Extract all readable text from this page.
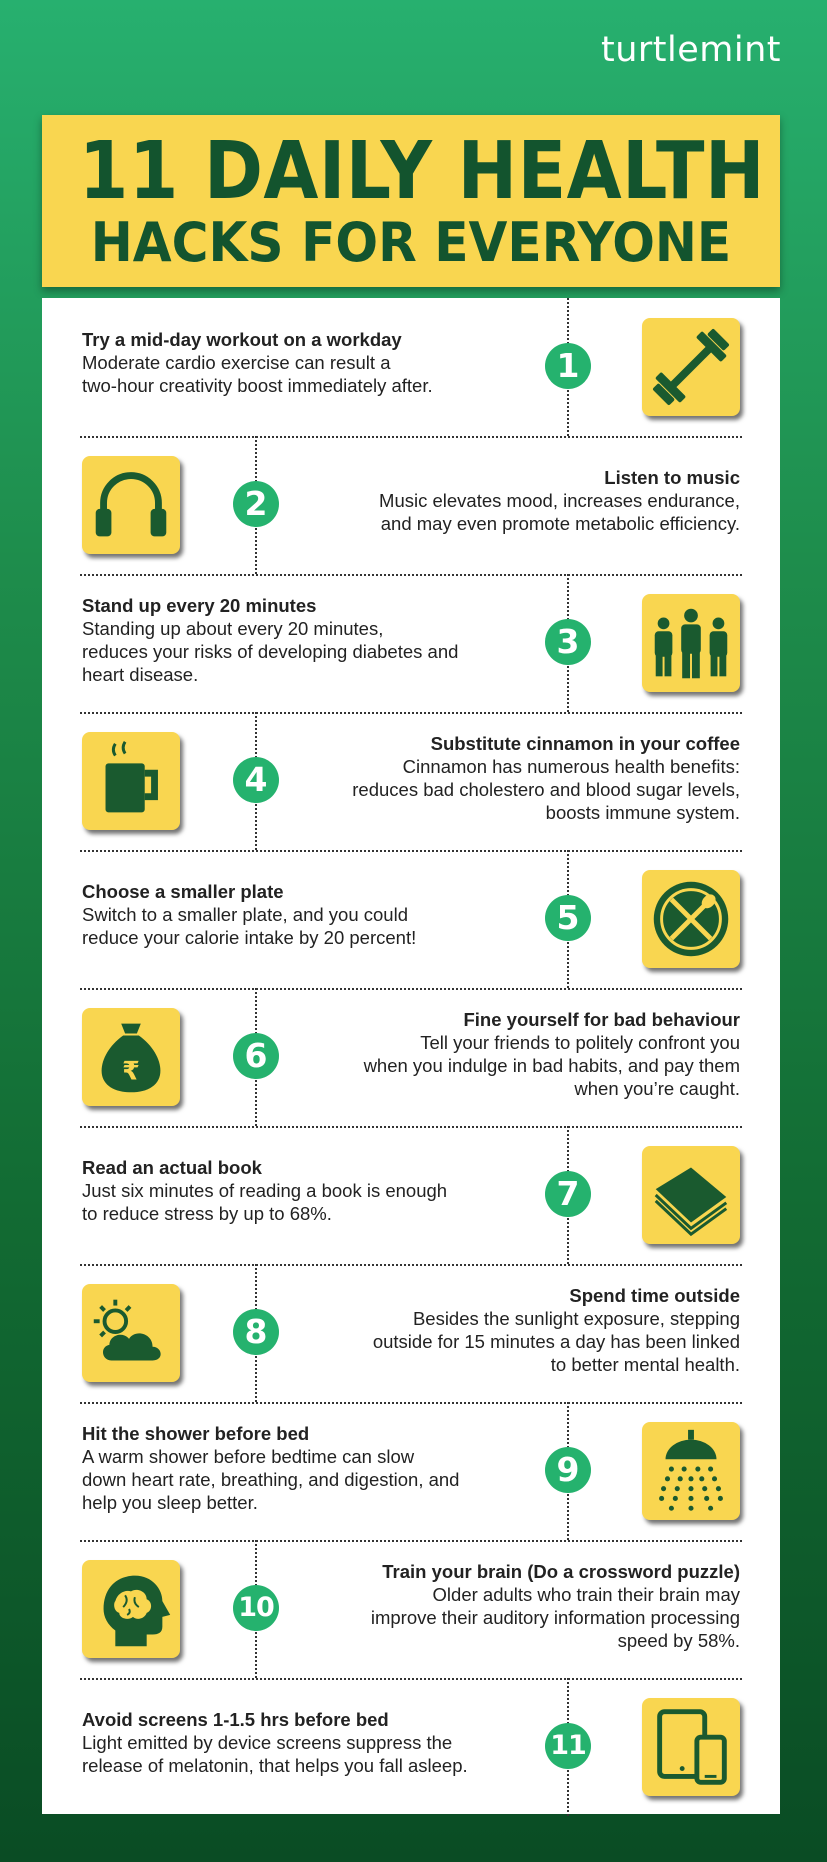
turtlemint
11 DAILY HEALTH
HACKS FOR EVERYONE
Try a mid-day workout on a workday
Moderate cardio exercise can result a
two-hour creativity boost immediately after.
1
2
Listen to music
Music elevates mood, increases endurance,
and may even promote metabolic efficiency.
Stand up every 20 minutes
Standing up about every 20 minutes,
reduces your risks of developing diabetes and
heart disease.
3
4
Substitute cinnamon in your coffee
Cinnamon has numerous health benefits:
reduces bad cholestero and blood sugar levels,
boosts immune system.
Choose a smaller plate
Switch to a smaller plate, and you could
reduce your calorie intake by 20 percent!
5
₹	6
Fine yourself for bad behaviour
Tell your friends to politely confront you
when you indulge in bad habits, and pay them
when you’re caught.
Read an actual book
Just six minutes of reading a book is enough
to reduce stress by up to 68%.
7
8
Spend time outside
Besides the sunlight exposure, stepping
outside for 15 minutes a day has been linked
to better mental health.
Hit the shower before bed
A warm shower before bedtime can slow
down heart rate, breathing, and digestion, and
help you sleep better.
9
10
Train your brain (Do a crossword puzzle)
Older adults who train their brain may
improve their auditory information processing
speed by 58%.
Avoid screens 1-1.5 hrs before bed
Light emitted by device screens suppress the
release of melatonin, that helps you fall asleep.
11
